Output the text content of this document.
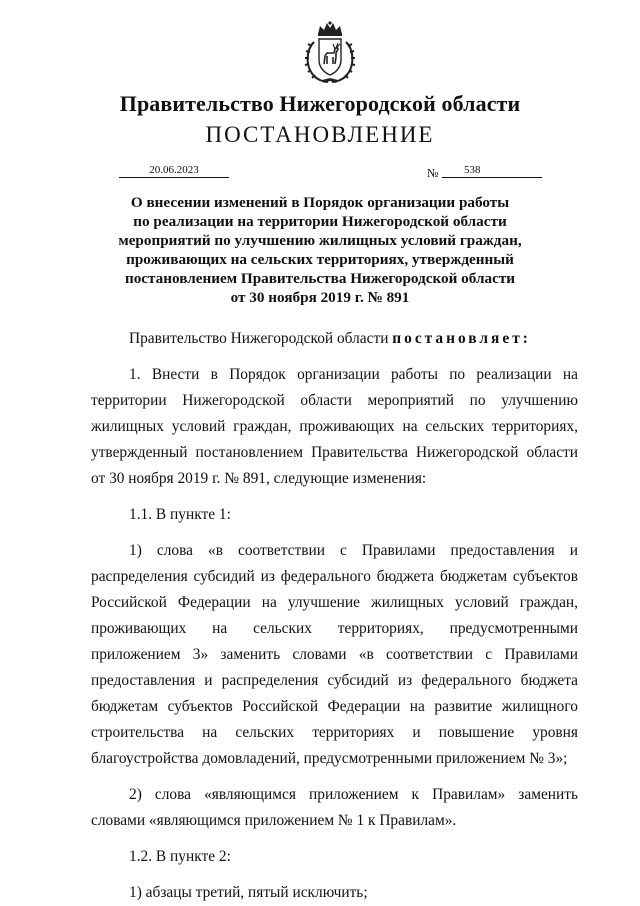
Правительство Нижегородской области
ПОСТАНОВЛЕНИЕ
20.06.2023	№	538
О внесении изменений в Порядок организации работы
по реализации на территории Нижегородской области
мероприятий по улучшению жилищных условий граждан,
проживающих на сельских территориях, утвержденный
постановлением Правительства Нижегородской области
от 30 ноября 2019 г. № 891

Правительство Нижегородской области постановляет:

1. Внести в Порядок организации работы по реализации на территории Нижегородской области мероприятий по улучшению жилищных условий граждан, проживающих на сельских территориях, утвержденный постановлением Правительства Нижегородской области от 30 ноября 2019 г. № 891, следующие изменения:

1.1. В пункте 1:

1) слова «в соответствии с Правилами предоставления и распределения субсидий из федерального бюджета бюджетам субъектов Российской Федерации на улучшение жилищных условий граждан, проживающих на сельских территориях, предусмотренными приложением 3» заменить словами «в соответствии с Правилами предоставления и распределения субсидий из федерального бюджета бюджетам субъектов Российской Федерации на развитие жилищного строительства на сельских территориях и повышение уровня благоустройства домовладений, предусмотренными приложением № 3»;

2) слова «являющимся приложением к Правилам» заменить словами «являющимся приложением № 1 к Правилам».

1.2. В пункте 2:

1) абзацы третий, пятый исключить;
